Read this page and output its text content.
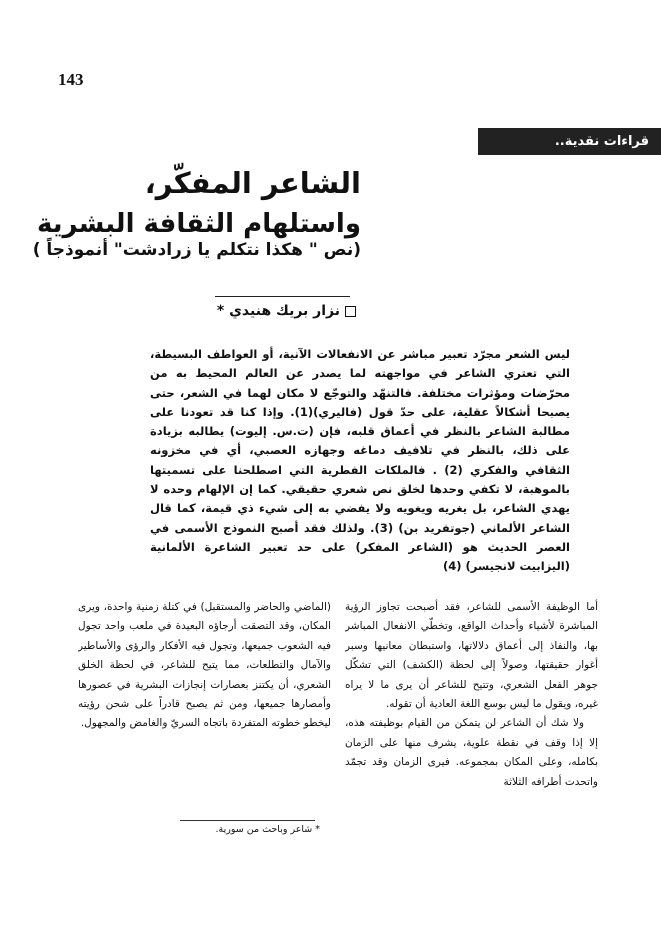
143
قراءات نقدية..
الشاعر المفكّر،
واستلهام الثقافة البشرية
(نص " هكذا نتكلم يا زرادشت" أنموذجاً )
نزار بريك هنيدي *
ليس الشعر مجرّد تعبير مباشر عن الانفعالات الآنية، أو العواطف البسيطة، التي تعتري الشاعر في مواجهته لما يصدر عن العالم المحيط به من محرّضات ومؤثرات مختلفة. فالتنهّد والتوجّع لا مكان لهما في الشعر، حتى يصبحا أشكالاً عقلية، على حدّ قول (فاليري)(1). وإذا كنا قد تعودنا على مطالبة الشاعر بالنظر في أعماق قلبه، فإن (ت.س. إليوت) يطالبه بزيادة على ذلك، بالنظر في تلافيف دماغه وجهازه العصبي، أي في مخزونه الثقافي والفكري (2) . فالملكات الفطرية التي اصطلحنا على تسميتها بالموهبة، لا تكفي وحدها لخلق نص شعري حقيقي. كما إن الإلهام وحده لا يهدي الشاعر، بل يغريه ويغويه ولا يفضي به إلى شيء ذي قيمة، كما قال الشاعر الألماني (جوتفريد بن) (3). ولذلك فقد أصبح النموذج الأسمى في العصر الحديث هو (الشاعر المفكر) على حد تعبير الشاعرة الألمانية (اليزابيت لانجيسر) (4)

أما الوظيفة الأسمى للشاعر، فقد أصبحت تجاوز الرؤية المباشرة لأشياء وأحداث الواقع، وتخطّي الانفعال المباشر بها، والنفاذ إلى أعماق دلالاتها، واستبطان معانيها وسبر أغوار حقيقتها، وصولاً إلى لحظة (الكشف) التي تشكّل جوهر الفعل الشعري، وتتيح للشاعر أن يرى ما لا يراه غيره، ويقول ما ليس بوسع اللغة العادية أن تقوله.

ولا شك أن الشاعر لن يتمكن من القيام بوظيفته هذه، إلا إذا وقف في نقطة علوية، يشرف منها على الزمان بكامله، وعلى المكان بمجموعه. فيرى الزمان وقد تجمّد واتحدت أطرافه الثلاثة

(الماضي والحاضر والمستقبل) في كتلة زمنية واحدة، ويرى المكان، وقد التصقت أرجاؤه البعيدة في ملعب واحد تجول فيه الشعوب جميعها، وتجول فيه الأفكار والرؤى والأساطير والآمال والتطلعات، مما يتيح للشاعر، في لحظة الخلق الشعري، أن يكتنز بعصارات إنجازات البشرية في عصورها وأمصارها جميعها، ومن ثم يصبح قادراً على شحن رؤيته ليخطو خطوته المتفردة باتجاه السريّ والغامض والمجهول.

* شاعر وباحث من سورية.
